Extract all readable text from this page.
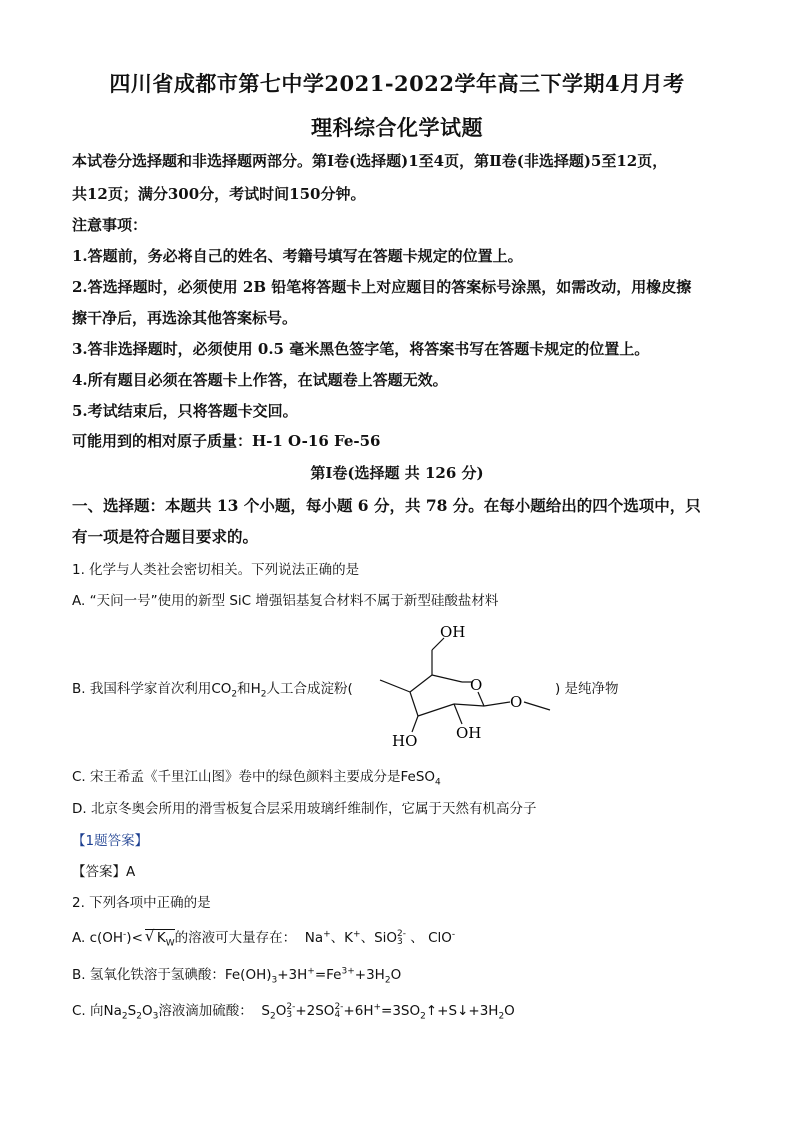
四川省成都市第七中学2021-2022学年高三下学期4月月考
理科综合化学试题
本试卷分选择题和非选择题两部分。第Ⅰ卷(选择题)1至4页，第Ⅱ卷(非选择题)5至12页，
共12页；满分300分，考试时间150分钟。
注意事项：
1.答题前，务必将自己的姓名、考籍号填写在答题卡规定的位置上。
2.答选择题时，必须使用 2B 铅笔将答题卡上对应题目的答案标号涂黑，如需改动，用橡皮擦
擦干净后，再选涂其他答案标号。
3.答非选择题时，必须使用 0.5 毫米黑色签字笔，将答案书写在答题卡规定的位置上。
4.所有题目必须在答题卡上作答，在试题卷上答题无效。
5.考试结束后，只将答题卡交回。
可能用到的相对原子质量：H-1 O-16 Fe-56
第Ⅰ卷(选择题 共 126 分)
一、选择题：本题共 13 个小题，每小题 6 分，共 78 分。在每小题给出的四个选项中，只
有一项是符合题目要求的。
1. 化学与人类社会密切相关。下列说法正确的是
A. “天问一号”使用的新型 SiC 增强铝基复合材料不属于新型硅酸盐材料
B. 我国科学家首次利用$CO_2$和$H_2$人工合成淀粉(	) 是纯净物
OH
O
O
HO	OH
C. 宋王希孟《千里江山图》卷中的绿色颜料主要成分是FeSO$_4$
D. 北京冬奥会所用的滑雪板复合层采用玻璃纤维制作，它属于天然有机高分子
【1题答案】
【答案】A
2. 下列各项中正确的是
A. c(OH-)< √ $K_W$的溶液可大量存在：  Na+、K+、SiO 2-
3 、 ClO-
B. 氢氧化铁溶于氢碘酸：$Fe(OH)_3+3H^+=Fe^{3+}+3H_2O$
C. 向$Na_2S_2O_3$溶液滴加硫酸：  $S_2O$ 2-
3 +2SO 2-
$4 +6H^+=3SO_2↑+S↓+3H_2O$
